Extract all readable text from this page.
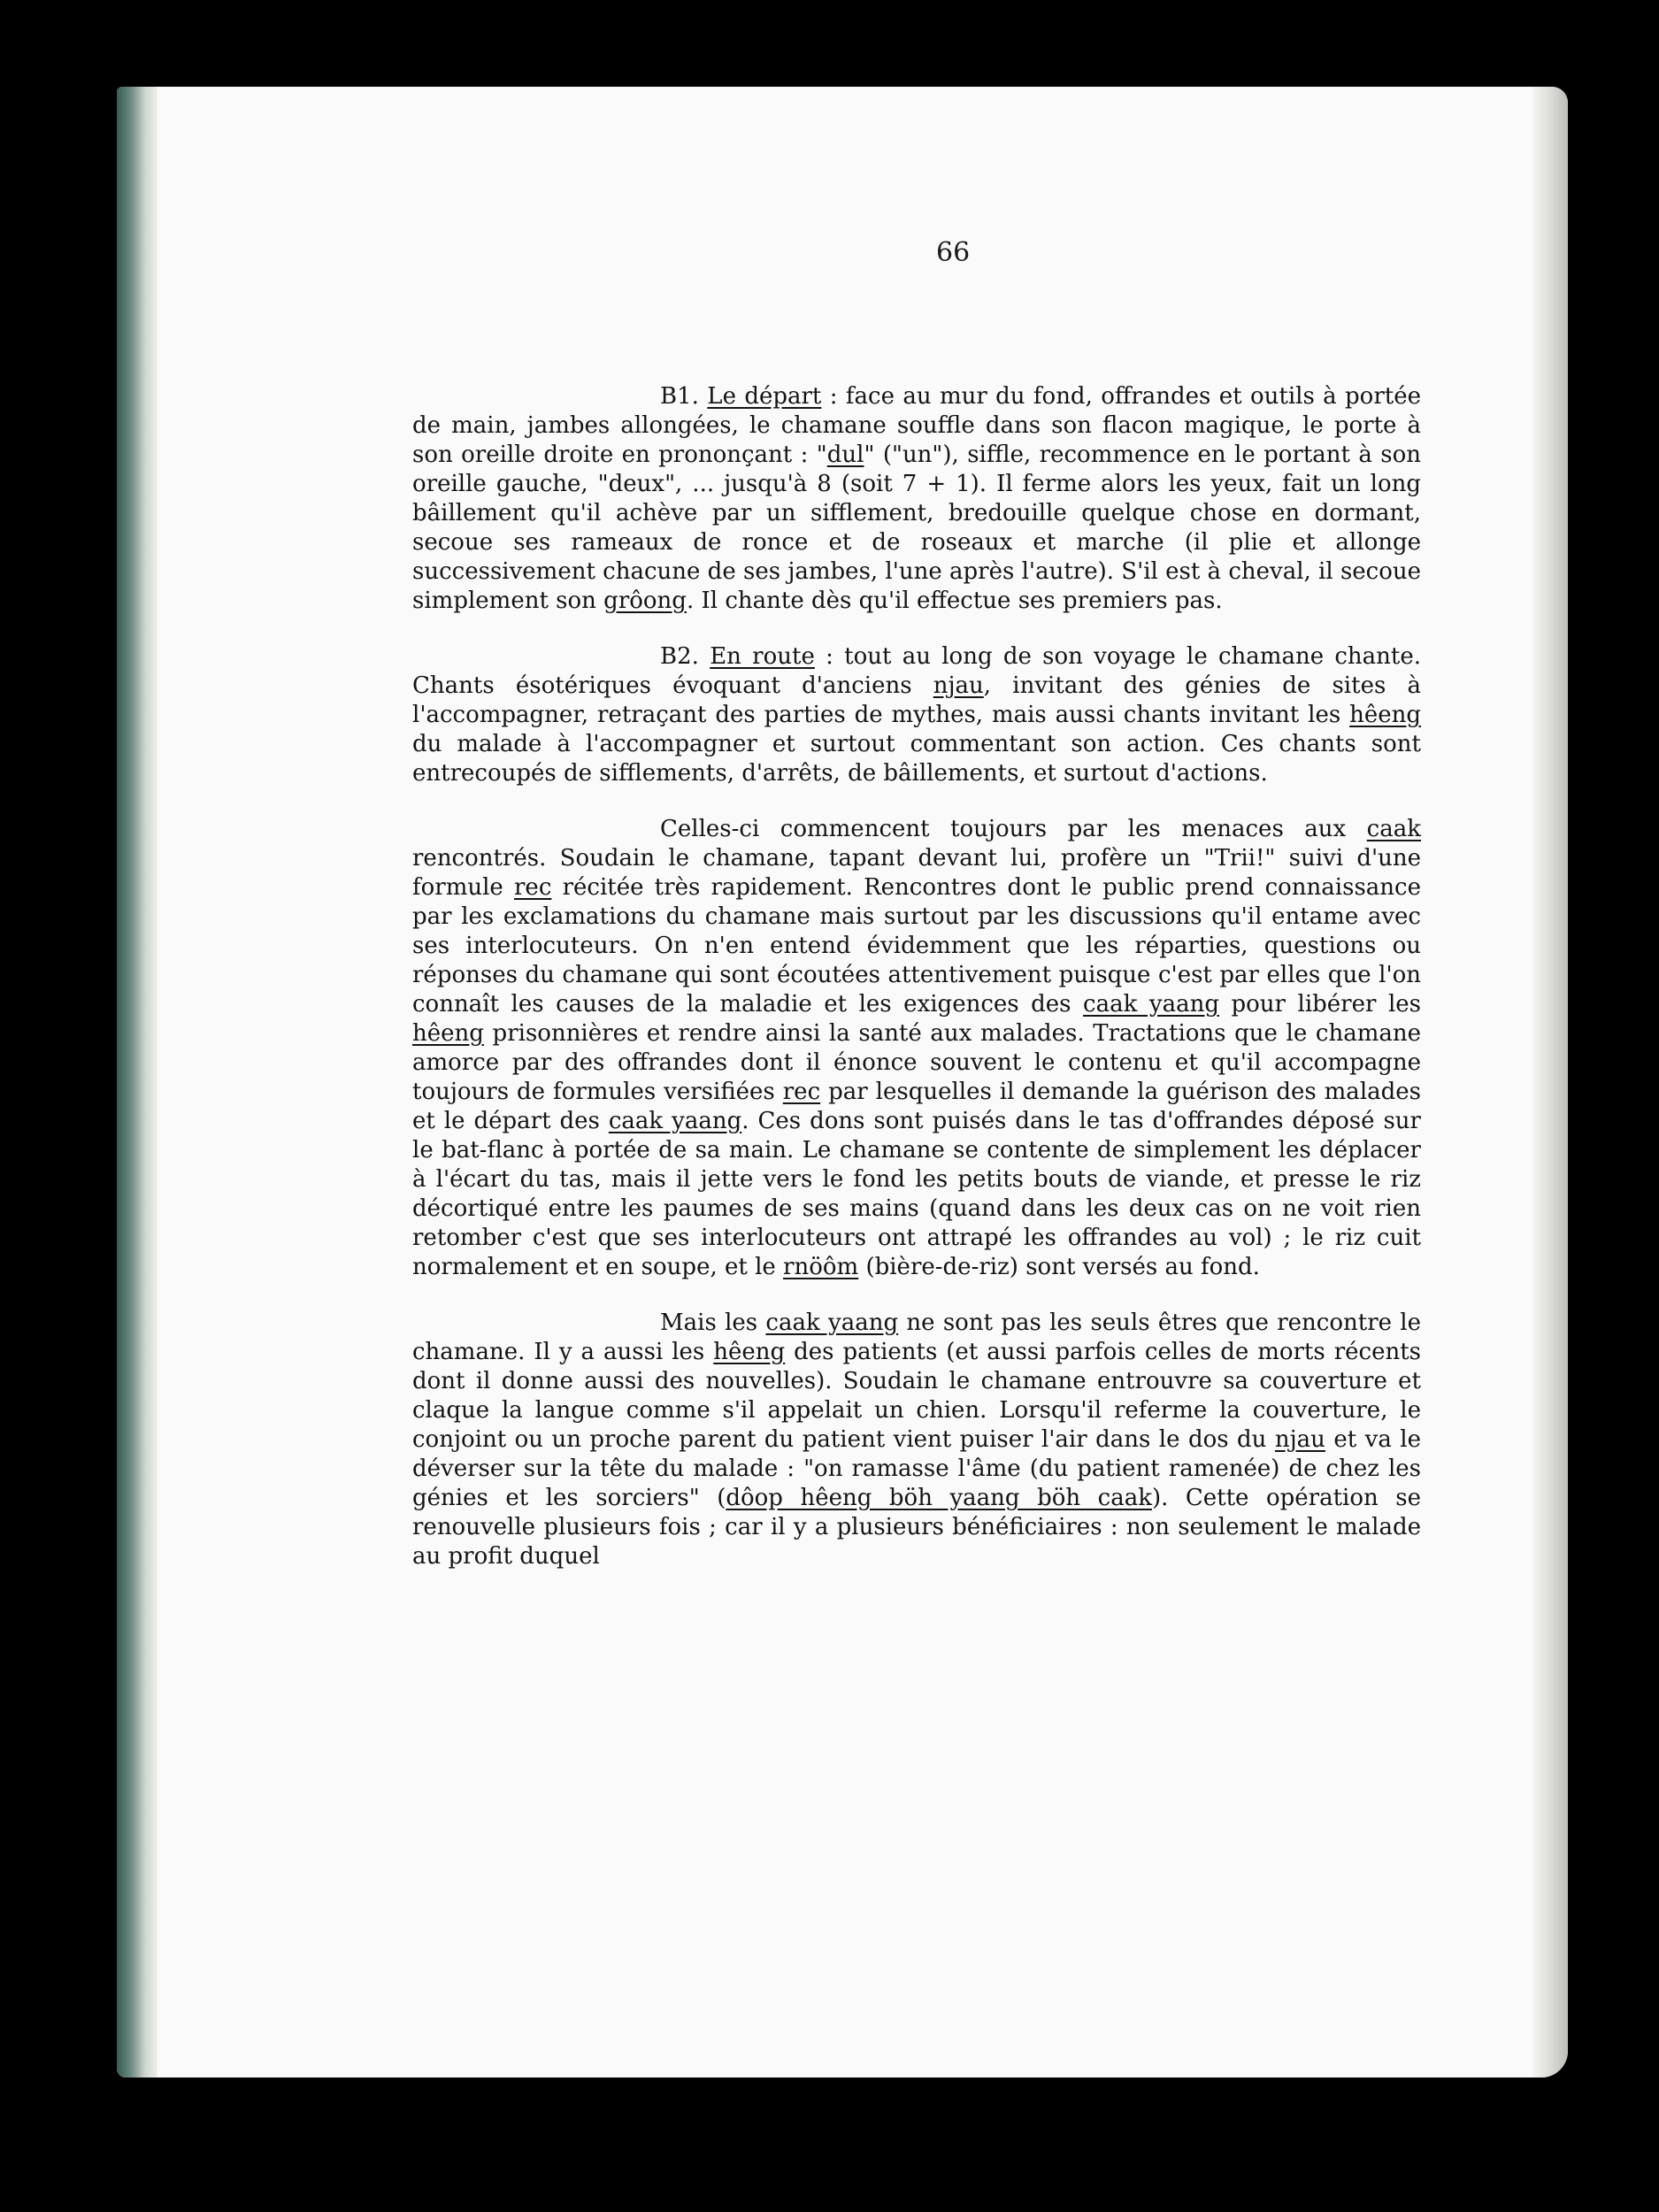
66

B1. Le départ : face au mur du fond, offrandes et outils à portée de main, jambes allongées, le chamane souffle dans son flacon magique, le porte à son oreille droite en prononçant : "dul" ("un"), siffle, recommence en le portant à son oreille gauche, "deux", ... jusqu'à 8 (soit 7 + 1). Il ferme alors les yeux, fait un long bâillement qu'il achève par un sifflement, bredouille quelque chose en dormant, secoue ses rameaux de ronce et de roseaux et marche (il plie et allonge successivement chacune de ses jambes, l'une après l'autre). S'il est à cheval, il secoue simplement son grôong. Il chante dès qu'il effectue ses premiers pas.

B2. En route : tout au long de son voyage le chamane chante. Chants ésotériques évoquant d'anciens njau, invitant des génies de sites à l'accompagner, retraçant des parties de mythes, mais aussi chants invitant les hêeng du malade à l'accompagner et surtout commentant son action. Ces chants sont entrecoupés de sifflements, d'arrêts, de bâillements, et surtout d'actions.

Celles-ci commencent toujours par les menaces aux caak rencontrés. Soudain le chamane, tapant devant lui, profère un "Trii!" suivi d'une formule rec récitée très rapidement. Rencontres dont le public prend connaissance par les exclamations du chamane mais surtout par les discussions qu'il entame avec ses interlocuteurs. On n'en entend évidemment que les réparties, questions ou réponses du chamane qui sont écoutées attentivement puisque c'est par elles que l'on connaît les causes de la maladie et les exigences des caak yaang pour libérer les hêeng prisonnières et rendre ainsi la santé aux malades. Tractations que le chamane amorce par des offrandes dont il énonce souvent le contenu et qu'il accompagne toujours de formules versifiées rec par lesquelles il demande la guérison des malades et le départ des caak yaang. Ces dons sont puisés dans le tas d'offrandes déposé sur le bat-flanc à portée de sa main. Le chamane se contente de simplement les déplacer à l'écart du tas, mais il jette vers le fond les petits bouts de viande, et presse le riz décortiqué entre les paumes de ses mains (quand dans les deux cas on ne voit rien retomber c'est que ses interlocuteurs ont attrapé les offrandes au vol) ; le riz cuit normalement et en soupe, et le rnöôm (bière-de-riz) sont versés au fond.

Mais les caak yaang ne sont pas les seuls êtres que rencontre le chamane. Il y a aussi les hêeng des patients (et aussi parfois celles de morts récents dont il donne aussi des nouvelles). Soudain le chamane entrouvre sa couverture et claque la langue comme s'il appelait un chien. Lorsqu'il referme la couverture, le conjoint ou un proche parent du patient vient puiser l'air dans le dos du njau et va le déverser sur la tête du malade : "on ramasse l'âme (du patient ramenée) de chez les génies et les sorciers" (dôop hêeng böh yaang böh caak). Cette opération se renouvelle plusieurs fois ; car il y a plusieurs bénéficiaires : non seulement le malade au profit duquel
